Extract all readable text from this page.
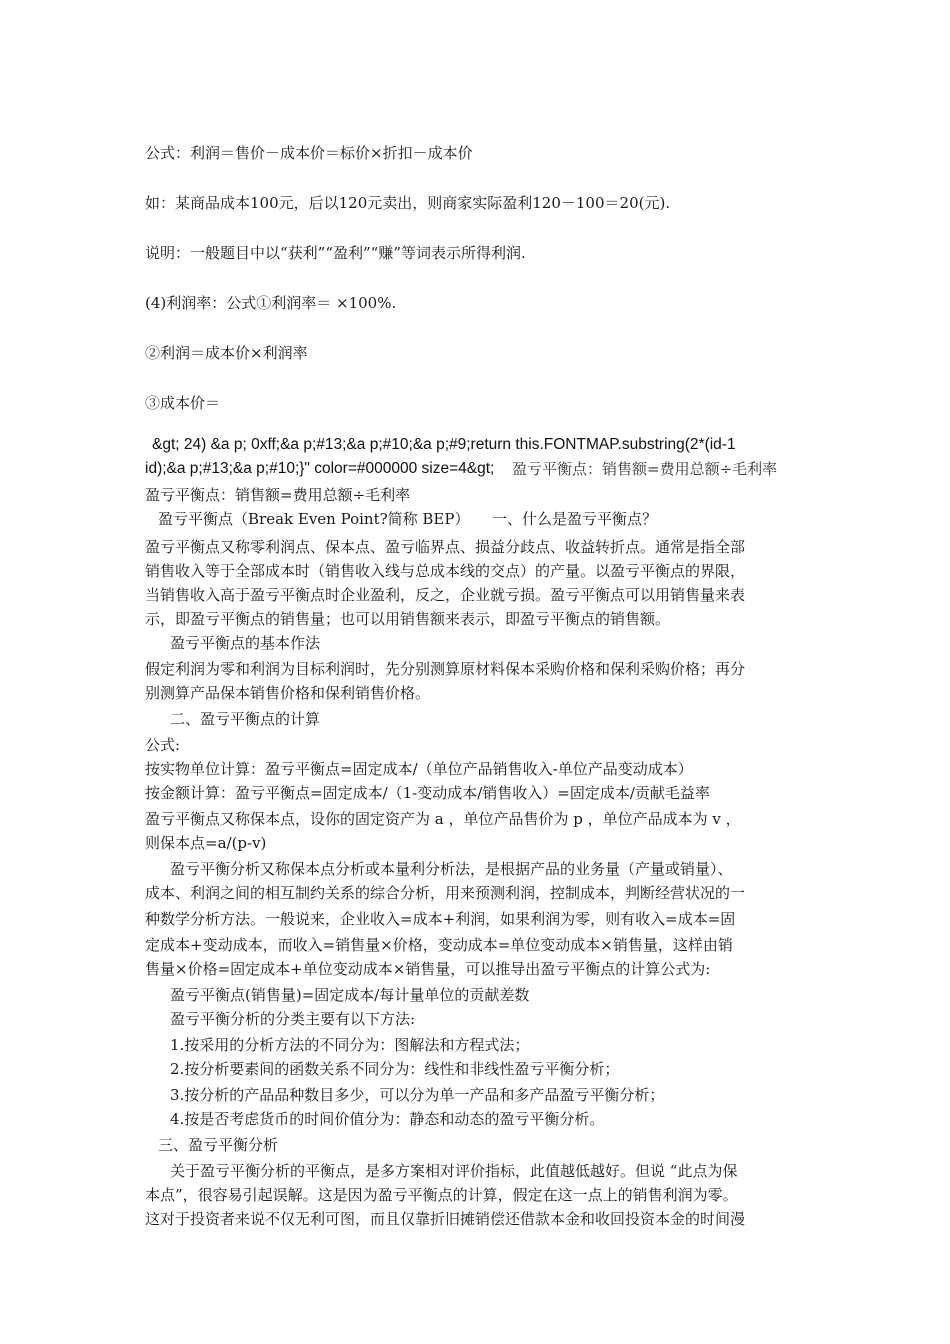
公式：利润＝售价－成本价＝标价×折扣－成本价
如：某商品成本100元，后以120元卖出，则商家实际盈利120－100＝20(元).
说明：一般题目中以“获利”“盈利”“赚”等词表示所得利润.
(4)利润率：公式①利润率＝ ×100%.
②利润＝成本价×利润率
③成本价＝
&gt; 24) &a p; 0xff;&a p;#13;&a p;#10;&a p;#9;return this.FONTMAP.substring(2*(id-1
id);&a p;#13;&a p;#10;}" color=#000000 size=4&gt; 盈亏平衡点：销售额=费用总额÷毛利率
盈亏平衡点：销售额=费用总额÷毛利率
盈亏平衡点（Break Even Point?简称 BEP）　　一、什么是盈亏平衡点？
盈亏平衡点又称零利润点、保本点、盈亏临界点、损益分歧点、收益转折点。通常是指全部
销售收入等于全部成本时（销售收入线与总成本线的交点）的产量。以盈亏平衡点的界限，
当销售收入高于盈亏平衡点时企业盈利，反之，企业就亏损。盈亏平衡点可以用销售量来表
示，即盈亏平衡点的销售量；也可以用销售额来表示，即盈亏平衡点的销售额。
盈亏平衡点的基本作法
假定利润为零和利润为目标利润时，先分别测算原材料保本采购价格和保利采购价格；再分
别测算产品保本销售价格和保利销售价格。
二、盈亏平衡点的计算
公式:
按实物单位计算：盈亏平衡点=固定成本/（单位产品销售收入-单位产品变动成本）
按金额计算：盈亏平衡点=固定成本/（1-变动成本/销售收入）=固定成本/贡献毛益率
盈亏平衡点又称保本点，设你的固定资产为 a ，单位产品售价为 p ，单位产品成本为 v ，
则保本点=a/(p-v)
盈亏平衡分析又称保本点分析或本量利分析法，是根据产品的业务量（产量或销量）、
成本、利润之间的相互制约关系的综合分析，用来预测利润，控制成本，判断经营状况的一
种数学分析方法。一般说来，企业收入=成本+利润，如果利润为零，则有收入=成本=固
定成本+变动成本，而收入=销售量×价格，变动成本=单位变动成本×销售量，这样由销
售量×价格=固定成本+单位变动成本×销售量，可以推导出盈亏平衡点的计算公式为:
盈亏平衡点(销售量)=固定成本/每计量单位的贡献差数
盈亏平衡分析的分类主要有以下方法:
1.按采用的分析方法的不同分为：图解法和方程式法；
2.按分析要素间的函数关系不同分为：线性和非线性盈亏平衡分析；
3.按分析的产品品种数目多少，可以分为单一产品和多产品盈亏平衡分析；
4.按是否考虑货币的时间价值分为：静态和动态的盈亏平衡分析。
三、盈亏平衡分析
关于盈亏平衡分析的平衡点，是多方案相对评价指标，此值越低越好。但说 “此点为保
本点”，很容易引起误解。这是因为盈亏平衡点的计算，假定在这一点上的销售利润为零。
这对于投资者来说不仅无利可图，而且仅靠折旧摊销偿还借款本金和收回投资本金的时间漫
